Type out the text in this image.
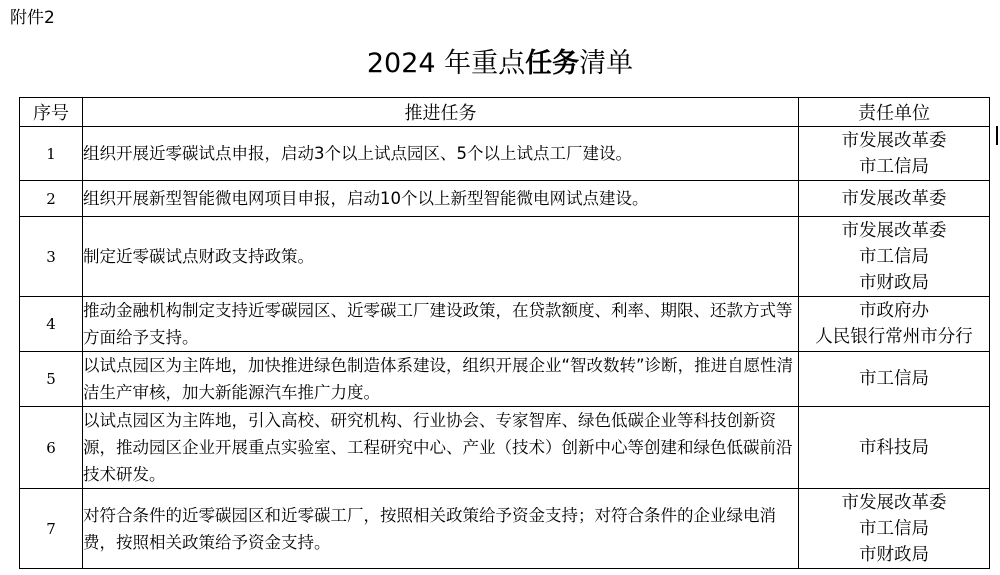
附件2
2024 年重点任务清单
序号	推进任务	责任单位
1	组织开展近零碳试点申报，启动3个以上试点园区、5个以上试点工厂建设。	市发展改革委
市工信局

2	组织开展新型智能微电网项目申报，启动10个以上新型智能微电网试点建设。	市发展改革委

3	制定近零碳试点财政支持政策。	市发展改革委
市工信局
市财政局

4	推动金融机构制定支持近零碳园区、近零碳工厂建设政策，在贷款额度、利率、期限、还款方式等方面给予支持。	市政府办
人民银行常州市分行

5	以试点园区为主阵地，加快推进绿色制造体系建设，组织开展企业“智改数转”诊断，推进自愿性清洁生产审核，加大新能源汽车推广力度。	市工信局

6	以试点园区为主阵地，引入高校、研究机构、行业协会、专家智库、绿色低碳企业等科技创新资源，推动园区企业开展重点实验室、工程研究中心、产业（技术）创新中心等创建和绿色低碳前沿技术研发。	市科技局

7	对符合条件的近零碳园区和近零碳工厂，按照相关政策给予资金支持；对符合条件的企业绿电消费，按照相关政策给予资金支持。	市发展改革委
市工信局
市财政局
